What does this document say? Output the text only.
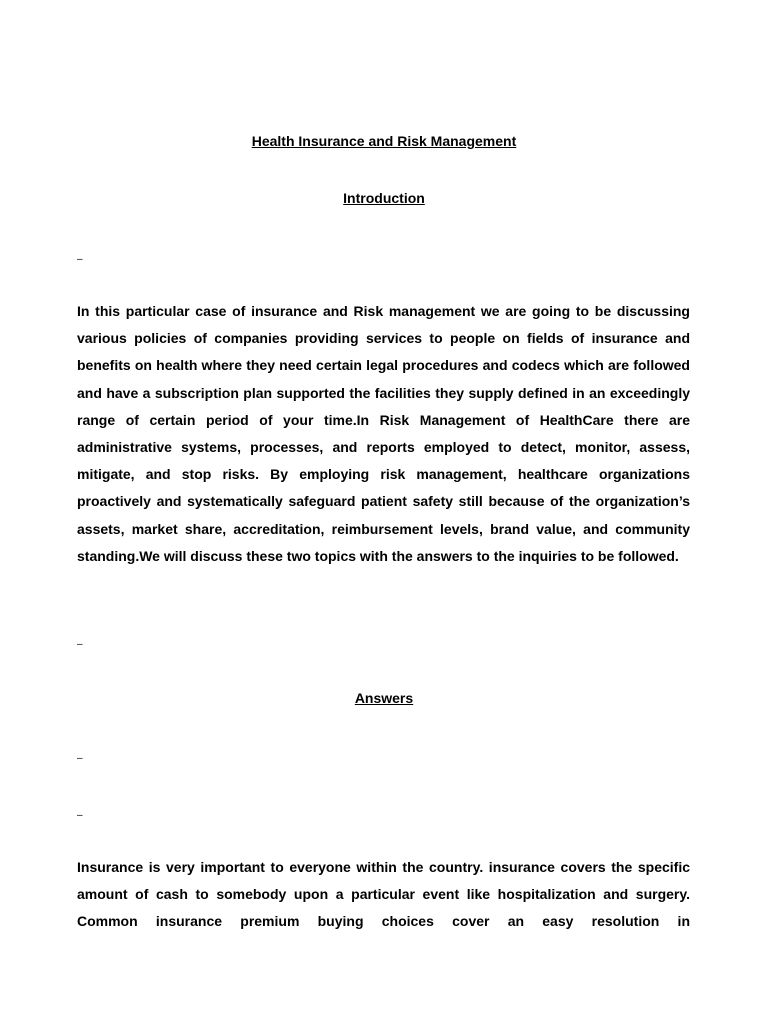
Health Insurance and Risk Management

Introduction

–

In this particular case of insurance and Risk management we are going to be discussing various policies of companies providing services to people on fields of insurance and benefits on health where they need certain legal procedures and codecs which are followed and have a subscription plan supported the facilities they supply defined in an exceedingly range of certain period of your time.In Risk Management of HealthCare there are administrative systems, processes, and reports employed to detect, monitor, assess, mitigate, and stop risks. By employing risk management, healthcare organizations proactively and systematically safeguard patient safety still because of the organization’s assets, market share, accreditation, reimbursement levels, brand value, and community standing.We will discuss these two topics with the answers to the inquiries to be followed.

–

Answers

–

–

Insurance is very important to everyone within the country. insurance covers the specific amount of cash to somebody upon a particular event like hospitalization and surgery. Common insurance premium buying choices cover an easy resolution in
